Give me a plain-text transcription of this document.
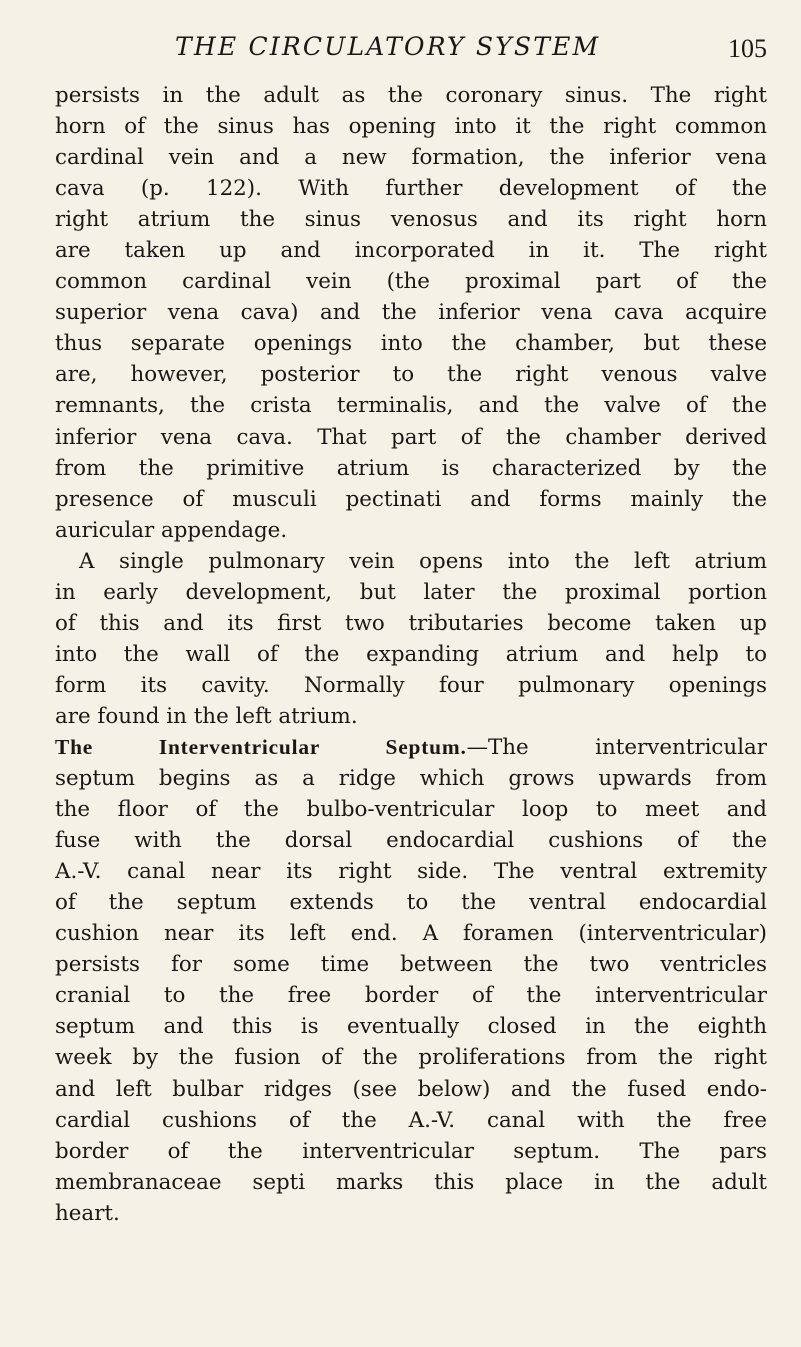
THE CIRCULATORY SYSTEM	105
persists in the adult as the coronary sinus. The right
horn of the sinus has opening into it the right common
cardinal vein and a new formation, the inferior vena
cava (p. 122). With further development of the
right atrium the sinus venosus and its right horn
are taken up and incorporated in it. The right
common cardinal vein (the proximal part of the
superior vena cava) and the inferior vena cava acquire
thus separate openings into the chamber, but these
are, however, posterior to the right venous valve
remnants, the crista terminalis, and the valve of the
inferior vena cava. That part of the chamber derived
from the primitive atrium is characterized by the
presence of musculi pectinati and forms mainly the
auricular appendage.
A single pulmonary vein opens into the left atrium
in early development, but later the proximal portion
of this and its first two tributaries become taken up
into the wall of the expanding atrium and help to
form its cavity. Normally four pulmonary openings
are found in the left atrium.
The Interventricular Septum.—The interventricular
septum begins as a ridge which grows upwards from
the floor of the bulbo-ventricular loop to meet and
fuse with the dorsal endocardial cushions of the
A.-V. canal near its right side. The ventral extremity
of the septum extends to the ventral endocardial
cushion near its left end. A foramen (interventricular)
persists for some time between the two ventricles
cranial to the free border of the interventricular
septum and this is eventually closed in the eighth
week by the fusion of the proliferations from the right
and left bulbar ridges (see below) and the fused endo-
cardial cushions of the A.-V. canal with the free
border of the interventricular septum. The pars
membranaceae septi marks this place in the adult
heart.
